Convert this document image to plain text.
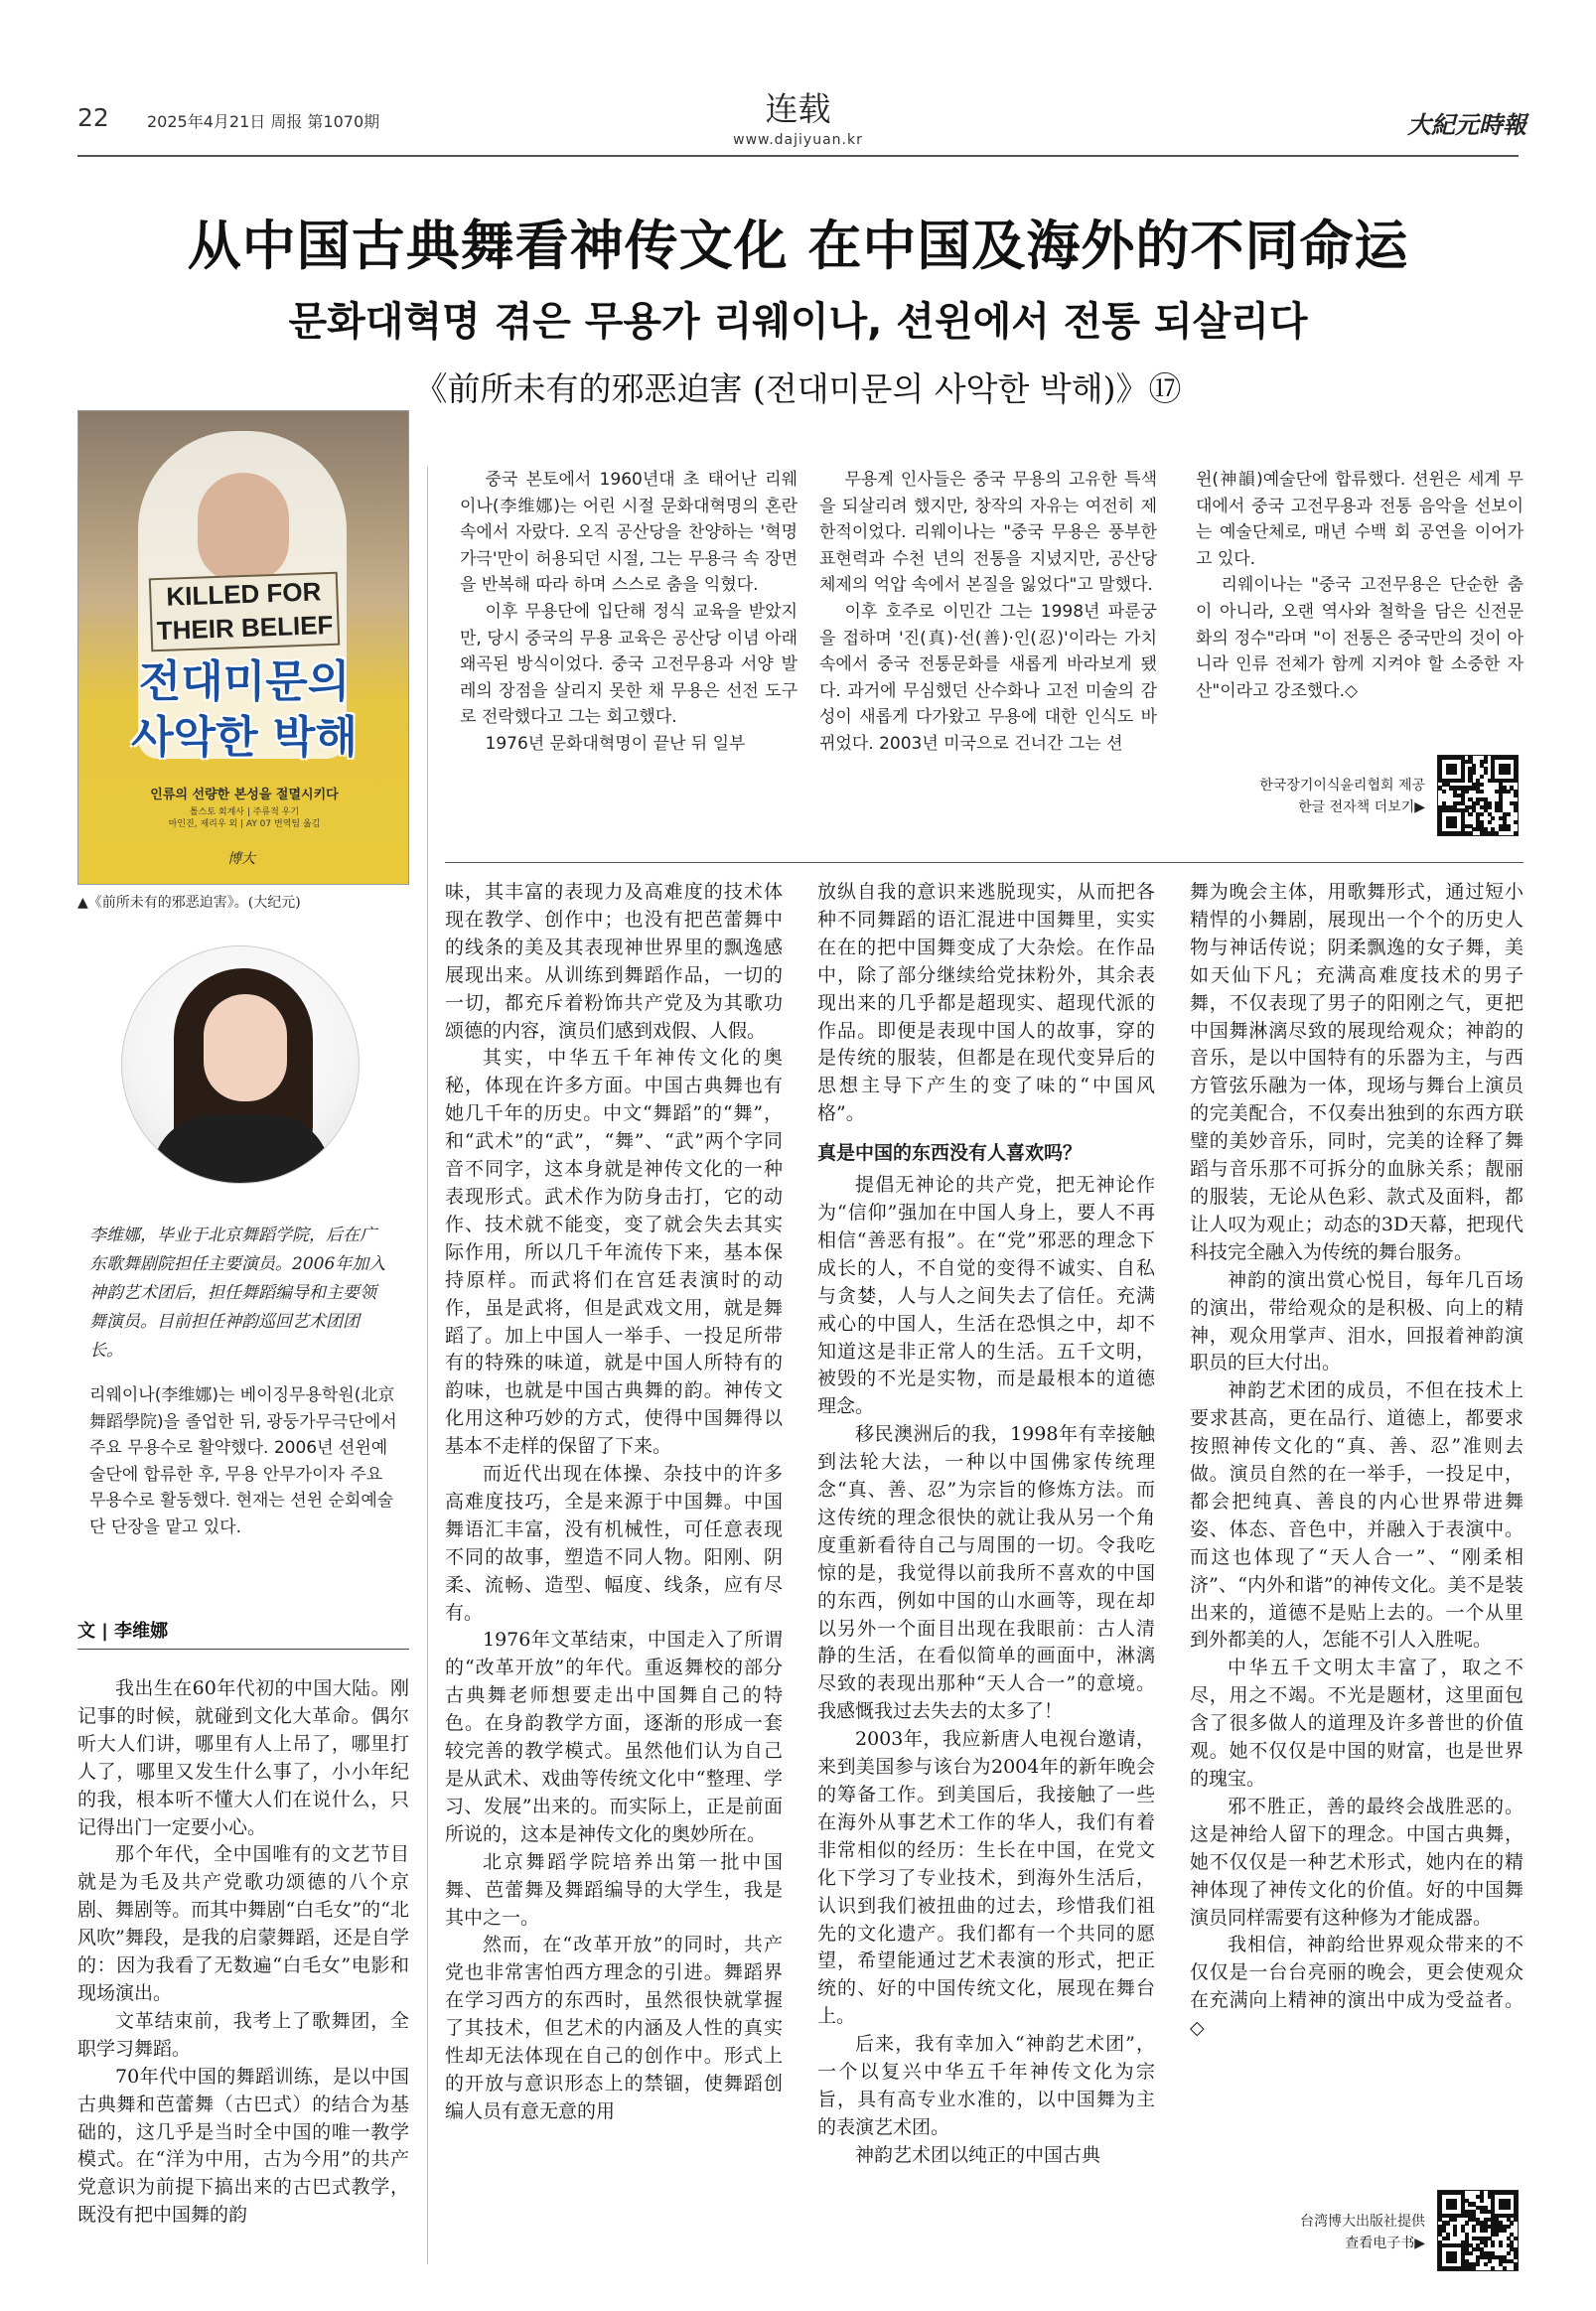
22 2025年4月21日 周报 第1070期	连载
www.dajiyuan.kr
大紀元時報
从中国古典舞看神传文化 在中国及海外的不同命运
문화대혁명 겪은 무용가 리웨이나, 션윈에서 전통 되살리다
《前所未有的邪恶迫害 (전대미문의 사악한 박해)》⑰
KILLED FOR
THEIR BELIEF
전대미문의
사악한 박해
인류의 선량한 본성을 절멸시키다
톨스토 회계사 | 주류적 우기
마인진, 제리우 외 | AY 07 번역팀 옮김
博大
▲《前所未有的邪恶迫害》。(大纪元)
李维娜，毕业于北京舞蹈学院，后在广东歌舞剧院担任主要演员。2006年加入神韵艺术团后，担任舞蹈编导和主要领舞演员。目前担任神韵巡回艺术团团长。
리웨이나(李维娜)는 베이징무용학원(北京舞蹈學院)을 졸업한 뒤, 광둥가무극단에서 주요 무용수로 활약했다. 2006년 션윈예술단에 합류한 후, 무용 안무가이자 주요 무용수로 활동했다. 현재는 션윈 순회예술단 단장을 맡고 있다.
文 | 李维娜

중국 본토에서 1960년대 초 태어난 리웨이나(李维娜)는 어린 시절 문화대혁명의 혼란 속에서 자랐다. 오직 공산당을 찬양하는 '혁명가극'만이 허용되던 시절, 그는 무용극 속 장면을 반복해 따라 하며 스스로 춤을 익혔다.

이후 무용단에 입단해 정식 교육을 받았지만, 당시 중국의 무용 교육은 공산당 이념 아래 왜곡된 방식이었다. 중국 고전무용과 서양 발레의 장점을 살리지 못한 채 무용은 선전 도구로 전락했다고 그는 회고했다.

1976년 문화대혁명이 끝난 뒤 일부

무용계 인사들은 중국 무용의 고유한 특색을 되살리려 했지만, 창작의 자유는 여전히 제한적이었다. 리웨이나는 "중국 무용은 풍부한 표현력과 수천 년의 전통을 지녔지만, 공산당 체제의 억압 속에서 본질을 잃었다"고 말했다.

이후 호주로 이민간 그는 1998년 파룬궁을 접하며 '진(真)·선(善)·인(忍)'이라는 가치 속에서 중국 전통문화를 새롭게 바라보게 됐다. 과거에 무심했던 산수화나 고전 미술의 감성이 새롭게 다가왔고 무용에 대한 인식도 바뀌었다. 2003년 미국으로 건너간 그는 션

윈(神韻)예술단에 합류했다. 션윈은 세계 무대에서 중국 고전무용과 전통 음악을 선보이는 예술단체로, 매년 수백 회 공연을 이어가고 있다.

리웨이나는 "중국 고전무용은 단순한 춤이 아니라, 오랜 역사와 철학을 담은 신전문화의 정수"라며 "이 전통은 중국만의 것이 아니라 인류 전체가 함께 지켜야 할 소중한 자산"이라고 강조했다.◇

한국장기이식윤리협회 제공
한글 전자책 더보기▶

我出生在60年代初的中国大陆。刚记事的时候，就碰到文化大革命。偶尔听大人们讲，哪里有人上吊了，哪里打人了，哪里又发生什么事了，小小年纪的我，根本听不懂大人们在说什么，只记得出门一定要小心。

那个年代，全中国唯有的文艺节目就是为毛及共产党歌功颂德的八个京剧、舞剧等。而其中舞剧“白毛女”的“北风吹”舞段，是我的启蒙舞蹈，还是自学的：因为我看了无数遍“白毛女”电影和现场演出。

文革结束前，我考上了歌舞团，全职学习舞蹈。

70年代中国的舞蹈训练，是以中国古典舞和芭蕾舞（古巴式）的结合为基础的，这几乎是当时全中国的唯一教学模式。在“洋为中用，古为今用”的共产党意识为前提下搞出来的古巴式教学，既没有把中国舞的韵

味，其丰富的表现力及高难度的技术体现在教学、创作中；也没有把芭蕾舞中的线条的美及其表现神世界里的飘逸感展现出来。从训练到舞蹈作品，一切的一切，都充斥着粉饰共产党及为其歌功颂德的内容，演员们感到戏假、人假。

其实，中华五千年神传文化的奥秘，体现在许多方面。中国古典舞也有她几千年的历史。中文“舞蹈”的“舞”，和“武术”的“武”，“舞”、“武”两个字同音不同字，这本身就是神传文化的一种表现形式。武术作为防身击打，它的动作、技术就不能变，变了就会失去其实际作用，所以几千年流传下来，基本保持原样。而武将们在宫廷表演时的动作，虽是武将，但是武戏文用，就是舞蹈了。加上中国人一举手、一投足所带有的特殊的味道，就是中国人所特有的韵味，也就是中国古典舞的韵。神传文化用这种巧妙的方式，使得中国舞得以基本不走样的保留了下来。

而近代出现在体操、杂技中的许多高难度技巧，全是来源于中国舞。中国舞语汇丰富，没有机械性，可任意表现不同的故事，塑造不同人物。阳刚、阴柔、流畅、造型、幅度、线条，应有尽有。

1976年文革结束，中国走入了所谓的“改革开放”的年代。重返舞校的部分古典舞老师想要走出中国舞自己的特色。在身韵教学方面，逐渐的形成一套较完善的教学模式。虽然他们认为自己是从武术、戏曲等传统文化中“整理、学习、发展”出来的。而实际上，正是前面所说的，这本是神传文化的奥妙所在。

北京舞蹈学院培养出第一批中国舞、芭蕾舞及舞蹈编导的大学生，我是其中之一。

然而，在“改革开放”的同时，共产党也非常害怕西方理念的引进。舞蹈界在学习西方的东西时，虽然很快就掌握了其技术，但艺术的内涵及人性的真实性却无法体现在自己的创作中。形式上的开放与意识形态上的禁锢，使舞蹈创编人员有意无意的用

放纵自我的意识来逃脱现实，从而把各种不同舞蹈的语汇混进中国舞里，实实在在的把中国舞变成了大杂烩。在作品中，除了部分继续给党抹粉外，其余表现出来的几乎都是超现实、超现代派的作品。即便是表现中国人的故事，穿的是传统的服装，但都是在现代变异后的思想主导下产生的变了味的“中国风格”。

真是中国的东西没有人喜欢吗？

提倡无神论的共产党，把无神论作为“信仰”强加在中国人身上，要人不再相信“善恶有报”。在“党”邪恶的理念下成长的人，不自觉的变得不诚实、自私与贪婪，人与人之间失去了信任。充满戒心的中国人，生活在恐惧之中，却不知道这是非正常人的生活。五千文明，被毁的不光是实物，而是最根本的道德理念。

移民澳洲后的我，1998年有幸接触到法轮大法，一种以中国佛家传统理念“真、善、忍”为宗旨的修炼方法。而这传统的理念很快的就让我从另一个角度重新看待自己与周围的一切。令我吃惊的是，我觉得以前我所不喜欢的中国的东西，例如中国的山水画等，现在却以另外一个面目出现在我眼前：古人清静的生活，在看似简单的画面中，淋漓尽致的表现出那种“天人合一”的意境。我感慨我过去失去的太多了！

2003年，我应新唐人电视台邀请，来到美国参与该台为2004年的新年晚会的筹备工作。到美国后，我接触了一些在海外从事艺术工作的华人，我们有着非常相似的经历：生长在中国，在党文化下学习了专业技术，到海外生活后，认识到我们被扭曲的过去，珍惜我们祖先的文化遗产。我们都有一个共同的愿望，希望能通过艺术表演的形式，把正统的、好的中国传统文化，展现在舞台上。

后来，我有幸加入“神韵艺术团”，一个以复兴中华五千年神传文化为宗旨，具有高专业水准的，以中国舞为主的表演艺术团。

神韵艺术团以纯正的中国古典

舞为晚会主体，用歌舞形式，通过短小精悍的小舞剧，展现出一个个的历史人物与神话传说；阴柔飘逸的女子舞，美如天仙下凡；充满高难度技术的男子舞，不仅表现了男子的阳刚之气，更把中国舞淋漓尽致的展现给观众；神韵的音乐，是以中国特有的乐器为主，与西方管弦乐融为一体，现场与舞台上演员的完美配合，不仅奏出独到的东西方联璧的美妙音乐，同时，完美的诠释了舞蹈与音乐那不可拆分的血脉关系；靓丽的服装，无论从色彩、款式及面料，都让人叹为观止；动态的3D天幕，把现代科技完全融入为传统的舞台服务。

神韵的演出赏心悦目，每年几百场的演出，带给观众的是积极、向上的精神，观众用掌声、泪水，回报着神韵演职员的巨大付出。

神韵艺术团的成员，不但在技术上要求甚高，更在品行、道德上，都要求按照神传文化的“真、善、忍”准则去做。演员自然的在一举手，一投足中，都会把纯真、善良的内心世界带进舞姿、体态、音色中，并融入于表演中。而这也体现了“天人合一”、“刚柔相济”、“内外和谐”的神传文化。美不是装出来的，道德不是贴上去的。一个从里到外都美的人，怎能不引人入胜呢。

中华五千文明太丰富了，取之不尽，用之不竭。不光是题材，这里面包含了很多做人的道理及许多普世的价值观。她不仅仅是中国的财富，也是世界的瑰宝。

邪不胜正，善的最终会战胜恶的。这是神给人留下的理念。中国古典舞，她不仅仅是一种艺术形式，她内在的精神体现了神传文化的价值。好的中国舞演员同样需要有这种修为才能成器。

我相信，神韵给世界观众带来的不仅仅是一台台亮丽的晚会，更会使观众在充满向上精神的演出中成为受益者。◇

台湾博大出版社提供
查看电子书▶
